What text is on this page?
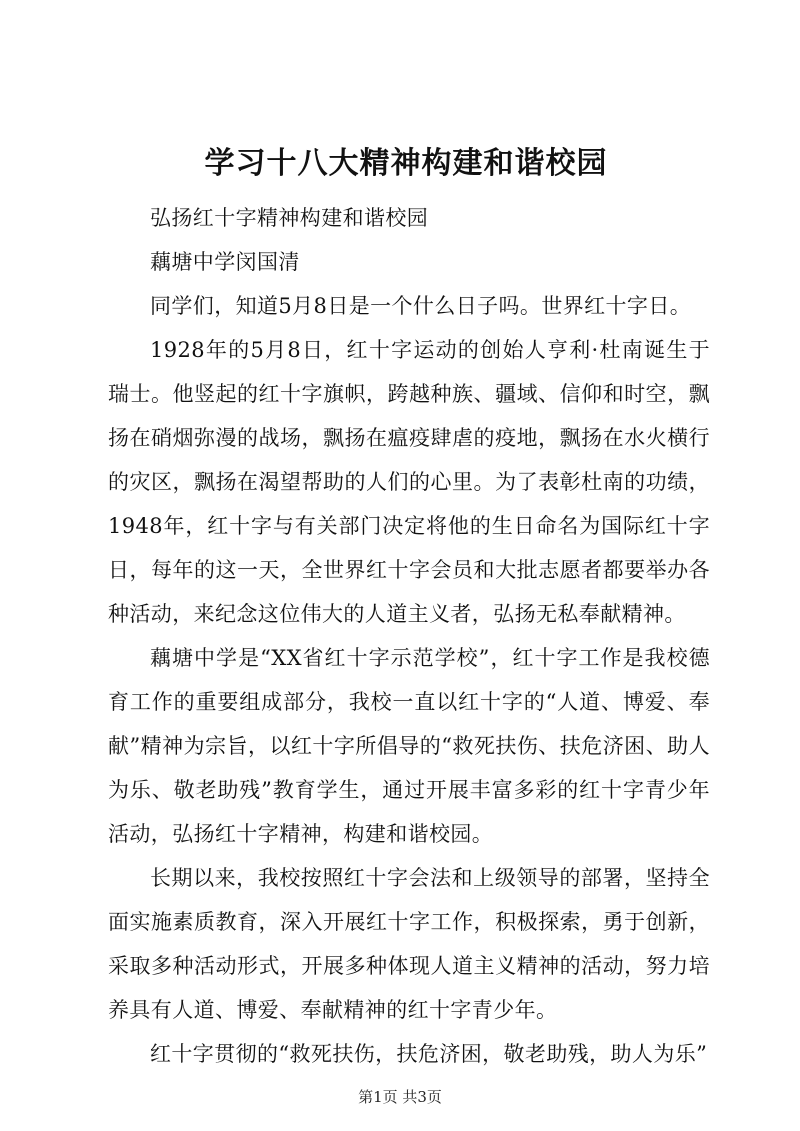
学习十八大精神构建和谐校园

弘扬红十字精神构建和谐校园

藕塘中学闵国清

同学们，知道5月8日是一个什么日子吗。世界红十字日。

1928年的5月8日，红十字运动的创始人亨利·杜南诞生于瑞士。他竖起的红十字旗帜，跨越种族、疆域、信仰和时空，飘扬在硝烟弥漫的战场，飘扬在瘟疫肆虐的疫地，飘扬在水火横行的灾区，飘扬在渴望帮助的人们的心里。为了表彰杜南的功绩，1948年，红十字与有关部门决定将他的生日命名为国际红十字日，每年的这一天，全世界红十字会员和大批志愿者都要举办各种活动，来纪念这位伟大的人道主义者，弘扬无私奉献精神。

藕塘中学是“XX省红十字示范学校”，红十字工作是我校德育工作的重要组成部分，我校一直以红十字的“人道、博爱、奉献”精神为宗旨，以红十字所倡导的“救死扶伤、扶危济困、助人为乐、敬老助残”教育学生，通过开展丰富多彩的红十字青少年活动，弘扬红十字精神，构建和谐校园。

长期以来，我校按照红十字会法和上级领导的部署，坚持全面实施素质教育，深入开展红十字工作，积极探索，勇于创新，采取多种活动形式，开展多种体现人道主义精神的活动，努力培养具有人道、博爱、奉献精神的红十字青少年。

红十字贯彻的“救死扶伤，扶危济困，敬老助残，助人为乐”

第1页 共3页
